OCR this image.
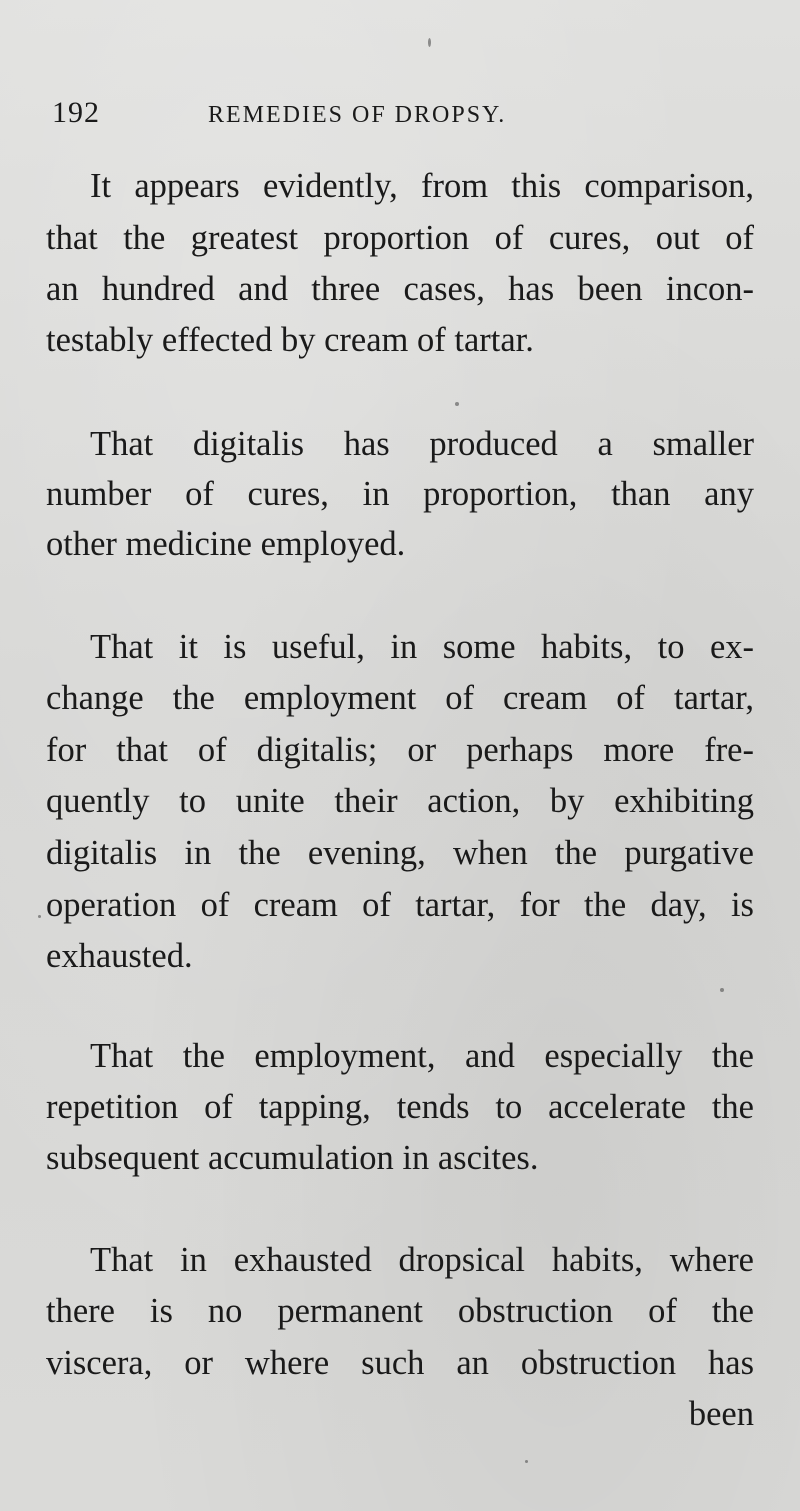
192	REMEDIES OF DROPSY.
It appears evidently, from this comparison,
that the greatest proportion of cures, out of
an hundred and three cases, has been incon-
testably effected by cream of tartar.
That digitalis has produced a smaller
number of cures, in proportion, than any
other medicine employed.
That it is useful, in some habits, to ex-
change the employment of cream of tartar,
for that of digitalis; or perhaps more fre-
quently to unite their action, by exhibiting
digitalis in the evening, when the purgative
operation of cream of tartar, for the day, is
exhausted.
That the employment, and especially the
repetition of tapping, tends to accelerate the
subsequent accumulation in ascites.
That in exhausted dropsical habits, where
there is no permanent obstruction of the
viscera, or where such an obstruction has
been
